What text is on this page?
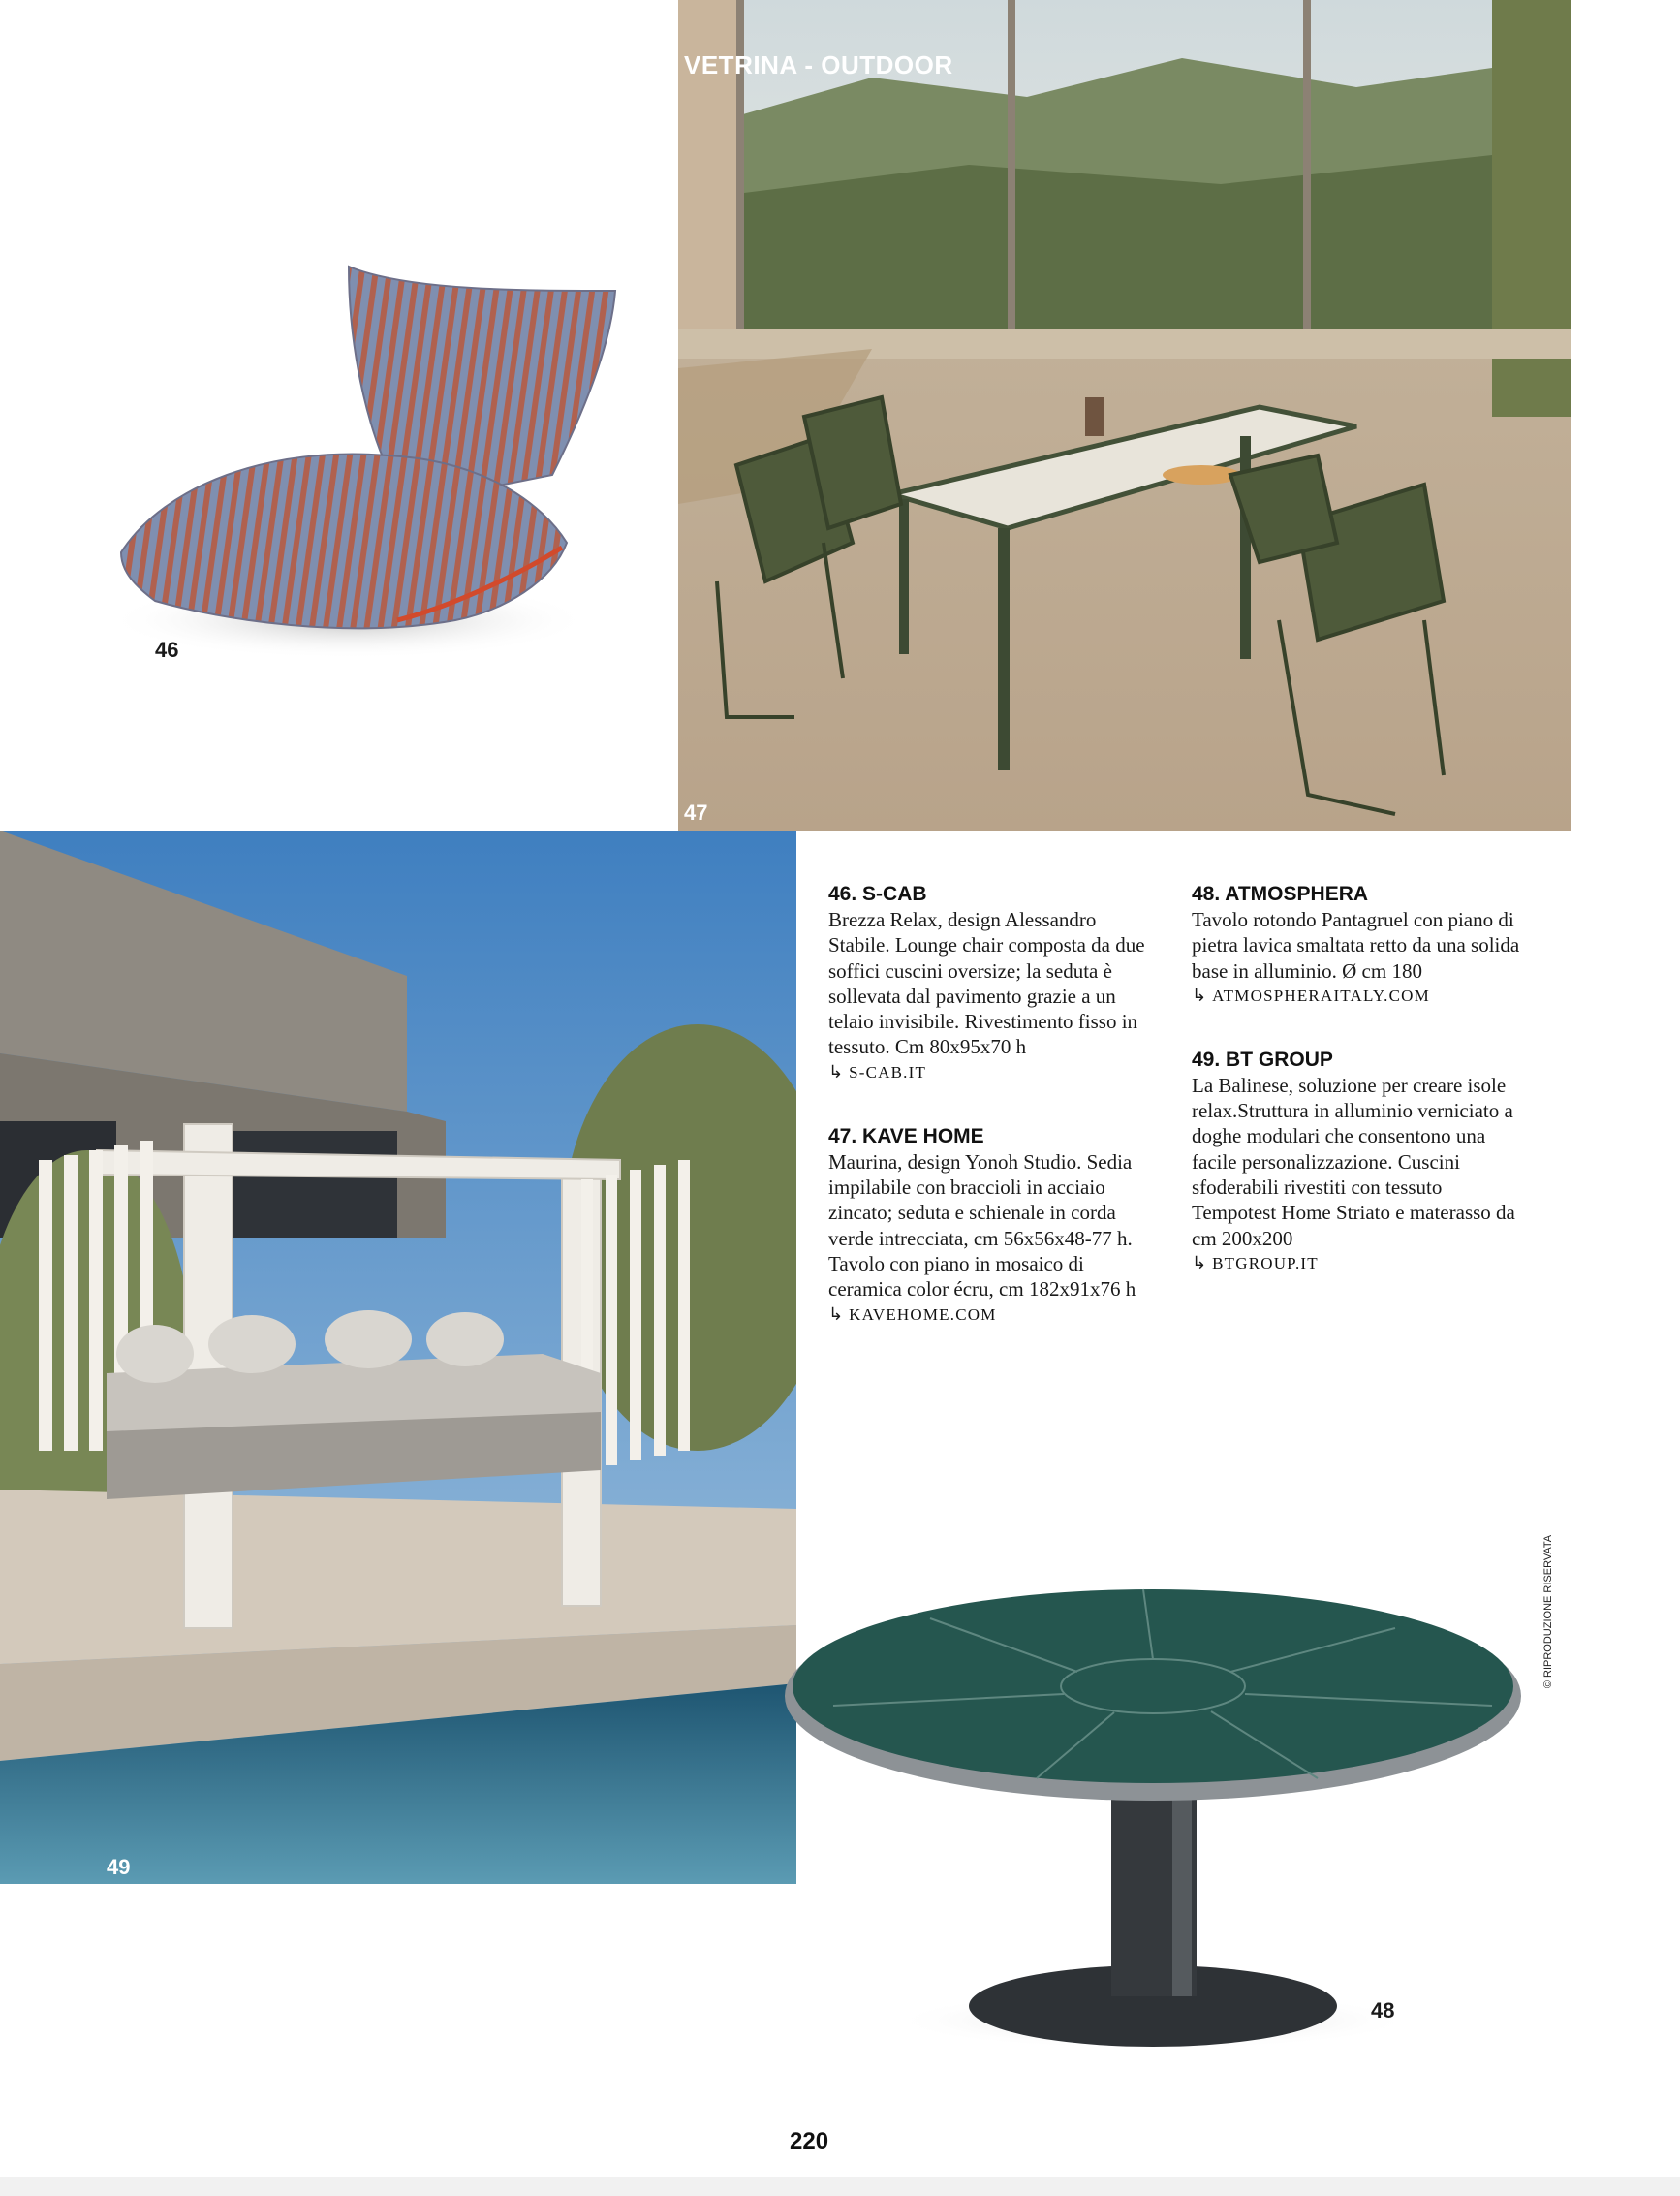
46
VETRINA - OUTDOOR
47
49
48
46. S-CAB
Brezza Relax, design Alessandro Stabile. Lounge chair composta da due soffici cuscini oversize; la seduta è sollevata dal pavimento grazie a un telaio invisibile. Rivestimento fisso in tessuto. Cm 80x95x70 h
↳ S-CAB.IT
47. KAVE HOME
Maurina, design Yonoh Studio. Sedia impilabile con braccioli in acciaio zincato; seduta e schienale in corda verde intrecciata, cm 56x56x48-77 h. Tavolo con piano in mosaico di ceramica color écru, cm 182x91x76 h
↳ KAVEHOME.COM
48. ATMOSPHERA
Tavolo rotondo Pantagruel con piano di pietra lavica smaltata retto da una solida base in alluminio. Ø cm 180
↳ ATMOSPHERAITALY.COM
49. BT GROUP
La Balinese, soluzione per creare isole relax.Struttura in alluminio verniciato a doghe modulari che consentono una facile personalizzazione. Cuscini sfoderabili rivestiti con tessuto Tempotest Home Striato e materasso da cm 200x200
↳ BTGROUP.IT
© RIPRODUZIONE RISERVATA
220
